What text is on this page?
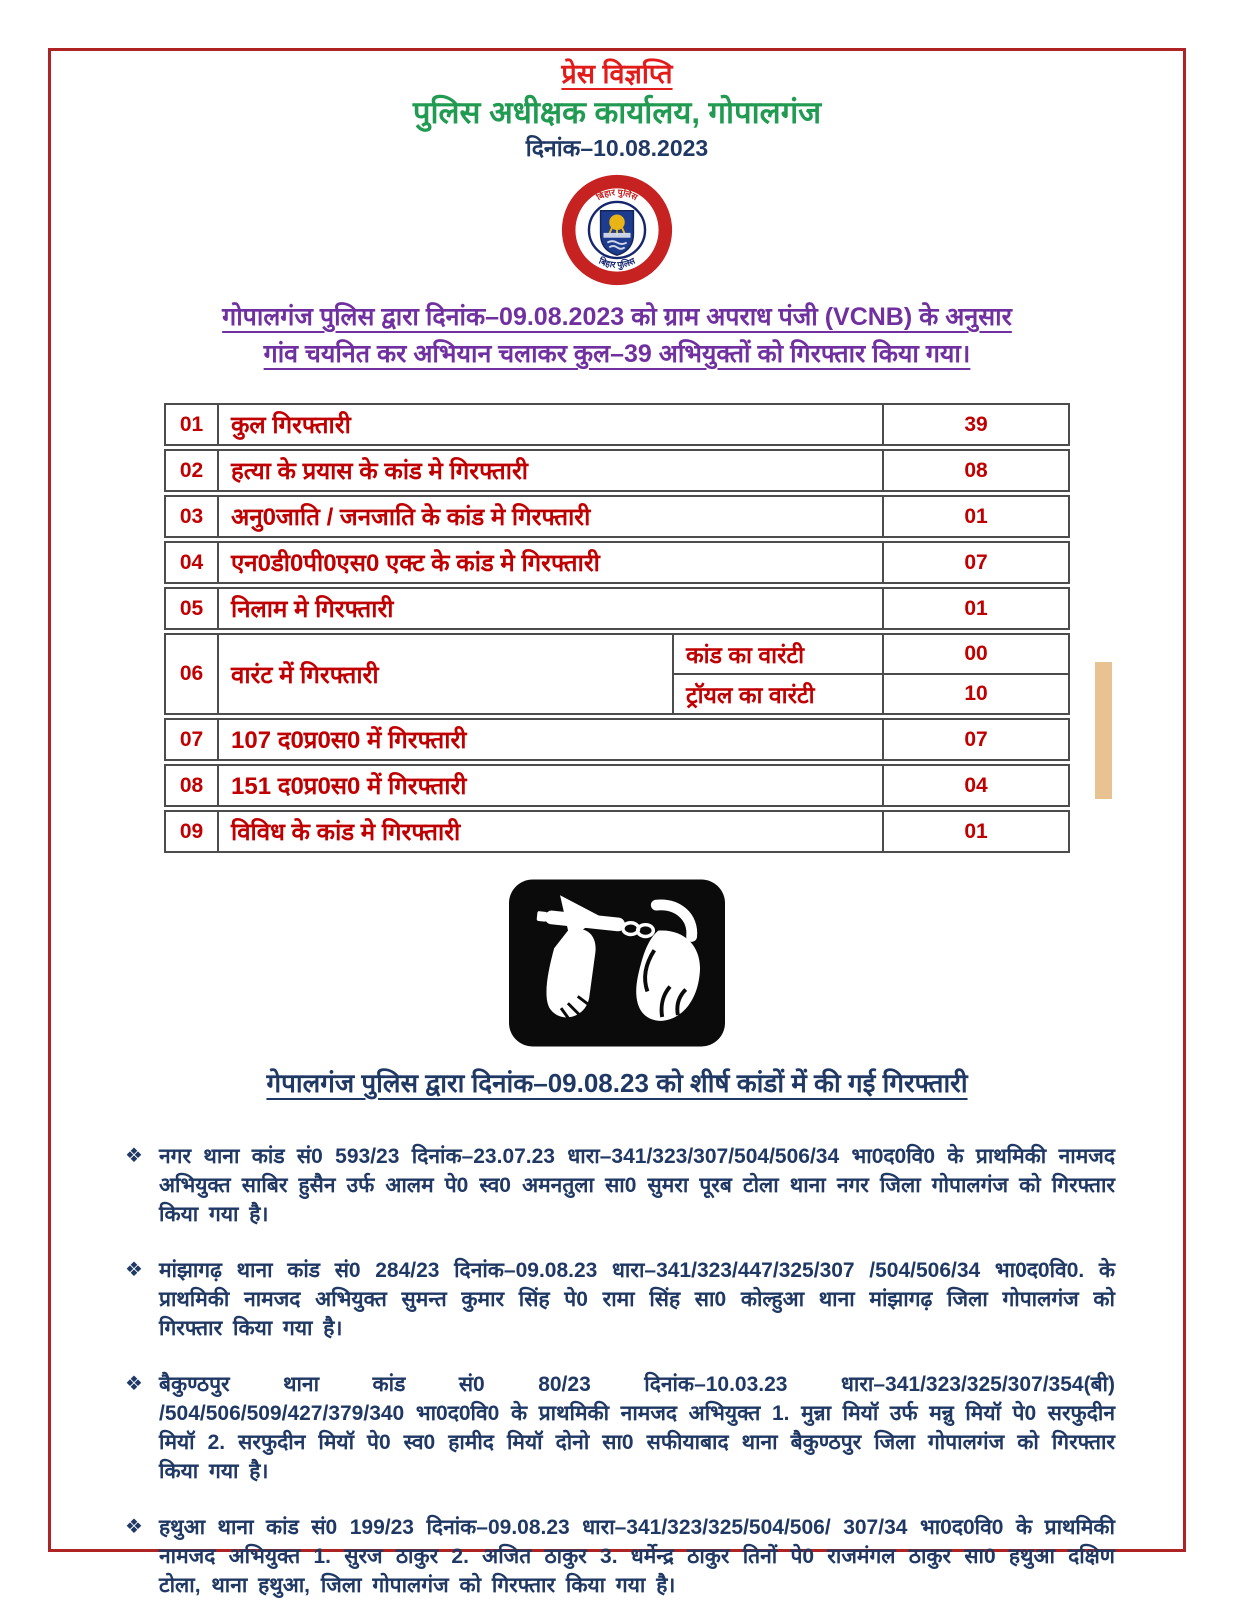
प्रेस विज्ञप्ति
पुलिस अधीक्षक कार्यालय, गोपालगंज
दिनांक–10.08.2023
बिहार पुलिस
बिहार पुलिस
गोपालगंज पुलिस द्वारा दिनांक–09.08.2023 को ग्राम अपराध पंजी (VCNB) के अनुसार
गांव चयनित कर अभियान चलाकर कुल–39 अभियुक्तों को गिरफ्तार किया गया।
01	कुल गिरफ्तारी	39
02	हत्या के प्रयास के कांड मे गिरफ्तारी	08
03	अनु0जाति / जनजाति के कांड मे गिरफ्तारी	01
04	एन0डी0पी0एस0 एक्ट के कांड मे गिरफ्तारी	07
05	निलाम मे गिरफ्तारी	01
06	वारंट में गिरफ्तारी
कांड का वारंटी	00
ट्रॉयल का वारंटी	10
07	107 द0प्र0स0 में गिरफ्तारी	07
08	151 द0प्र0स0 में गिरफ्तारी	04
09	विविध के कांड मे गिरफ्तारी	01
गेपालगंज पुलिस द्वारा दिनांक–09.08.23 को शीर्ष कांडों में की गई गिरफ्तारी
❖ नगर थाना कांड सं0 593/23 दिनांक–23.07.23 धारा–341/323/307/504/506/34 भा0द0वि0 के प्राथमिकी नामजद अभियुक्त साबिर हुसैन उर्फ आलम पे0 स्व0 अमनतुला सा0 सुमरा पूरब टोला थाना नगर जिला गोपालगंज को गिरफ्तार किया गया है।
❖ मांझागढ़ थाना कांड सं0 284/23 दिनांक–09.08.23 धारा–341/323/447/325/307 /504/506/34 भा0द0वि0. के प्राथमिकी नामजद अभियुक्त सुमन्त कुमार सिंह पे0 रामा सिंह सा0 कोल्हुआ थाना मांझागढ़ जिला गोपालगंज को गिरफ्तार किया गया है।
❖ बैकुण्ठपुर थाना कांड सं0 80/23 दिनांक–10.03.23 धारा–341/323/325/307/354(बी) /504/506/509/427/379/340 भा0द0वि0 के प्राथमिकी नामजद अभियुक्त 1. मुन्ना मियॉ उर्फ मन्नु मियॉ पे0 सरफुदीन मियॉ 2. सरफुदीन मियॉ पे0 स्व0 हामीद मियॉ दोनो सा0 सफीयाबाद थाना बैकुण्ठपुर जिला गोपालगंज को गिरफ्तार किया गया है।
❖ हथुआ थाना कांड सं0 199/23 दिनांक–09.08.23 धारा–341/323/325/504/506/ 307/34 भा0द0वि0 के प्राथमिकी नामजद अभियुक्त 1. सुरज ठाकुर 2. अजित ठाकुर 3. धर्मेन्द्र ठाकुर तिनों पे0 राजमंगल ठाकुर सा0 हथुआ दक्षिण टोला, थाना हथुआ, जिला गोपालगंज को गिरफ्तार किया गया है।
